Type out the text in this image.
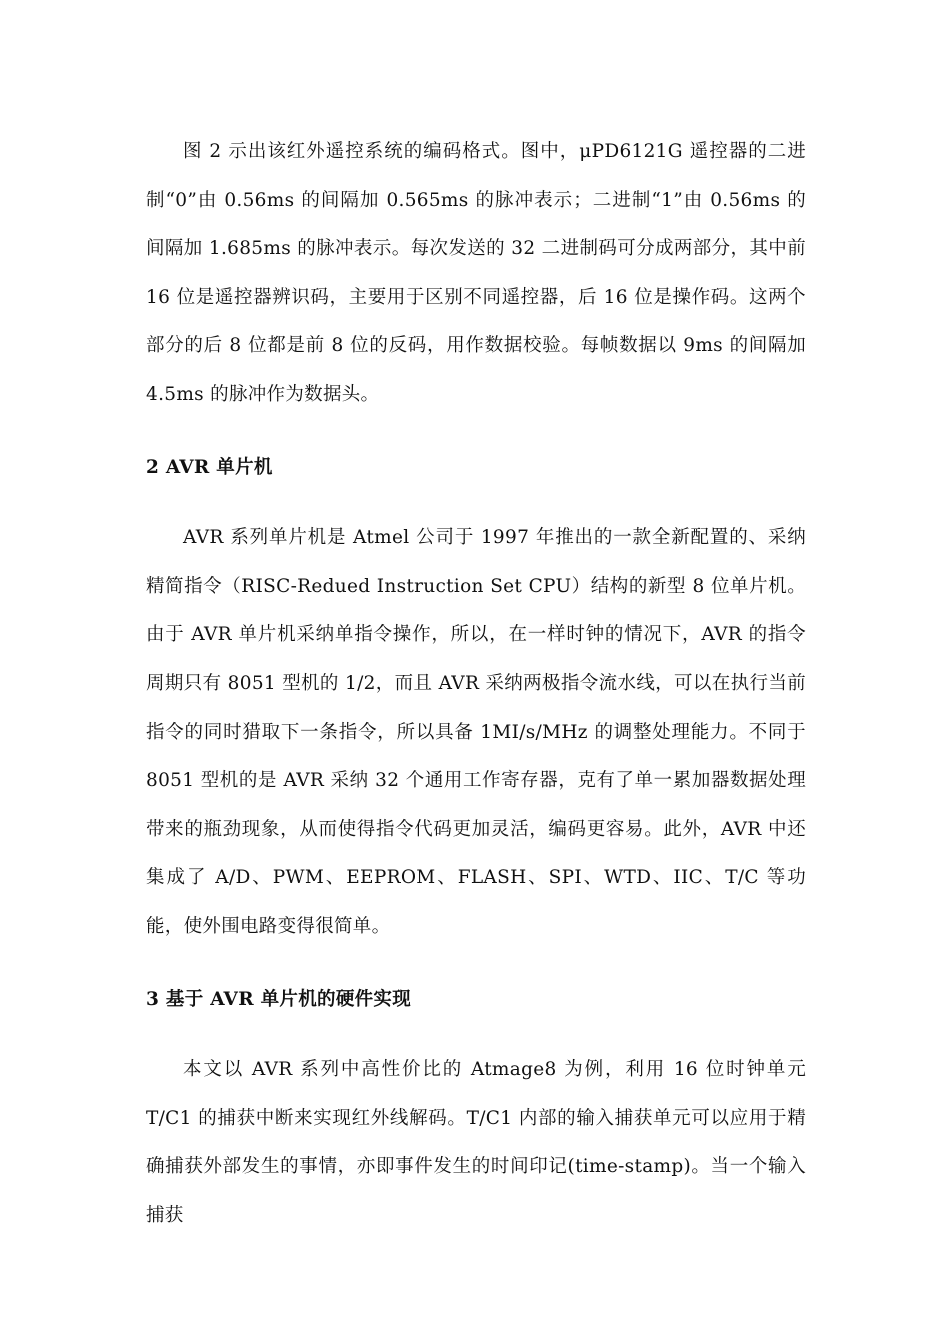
图 2 示出该红外遥控系统的编码格式。图中，μPD6121G 遥控器的二进制“0”由 0.56ms 的间隔加 0.565ms 的脉冲表示；二进制“1”由 0.56ms 的间隔加 1.685ms 的脉冲表示。每次发送的 32 二进制码可分成两部分，其中前 16 位是遥控器辨识码，主要用于区别不同遥控器，后 16 位是操作码。这两个部分的后 8 位都是前 8 位的反码，用作数据校验。每帧数据以 9ms 的间隔加 4.5ms 的脉冲作为数据头。

2 AVR 单片机

AVR 系列单片机是 Atmel 公司于 1997 年推出的一款全新配置的、采纳精简指令（RISC-Redued Instruction Set CPU）结构的新型 8 位单片机。由于 AVR 单片机采纳单指令操作，所以，在一样时钟的情况下，AVR 的指令周期只有 8051 型机的 1/2，而且 AVR 采纳两极指令流水线，可以在执行当前指令的同时猎取下一条指令，所以具备 1MI/s/MHz 的调整处理能力。不同于 8051 型机的是 AVR 采纳 32 个通用工作寄存器，克有了单一累加器数据处理带来的瓶劲现象，从而使得指令代码更加灵活，编码更容易。此外，AVR 中还集成了 A/D、PWM、EEPROM、FLASH、SPI、WTD、IIC、T/C 等功能，使外围电路变得很简单。

3 基于 AVR 单片机的硬件实现

本文以 AVR 系列中高性价比的 Atmage8 为例，利用 16 位时钟单元 T/C1 的捕获中断来实现红外线解码。T/C1 内部的输入捕获单元可以应用于精确捕获外部发生的事情，亦即事件发生的时间印记(time-stamp)。当一个输入捕获
